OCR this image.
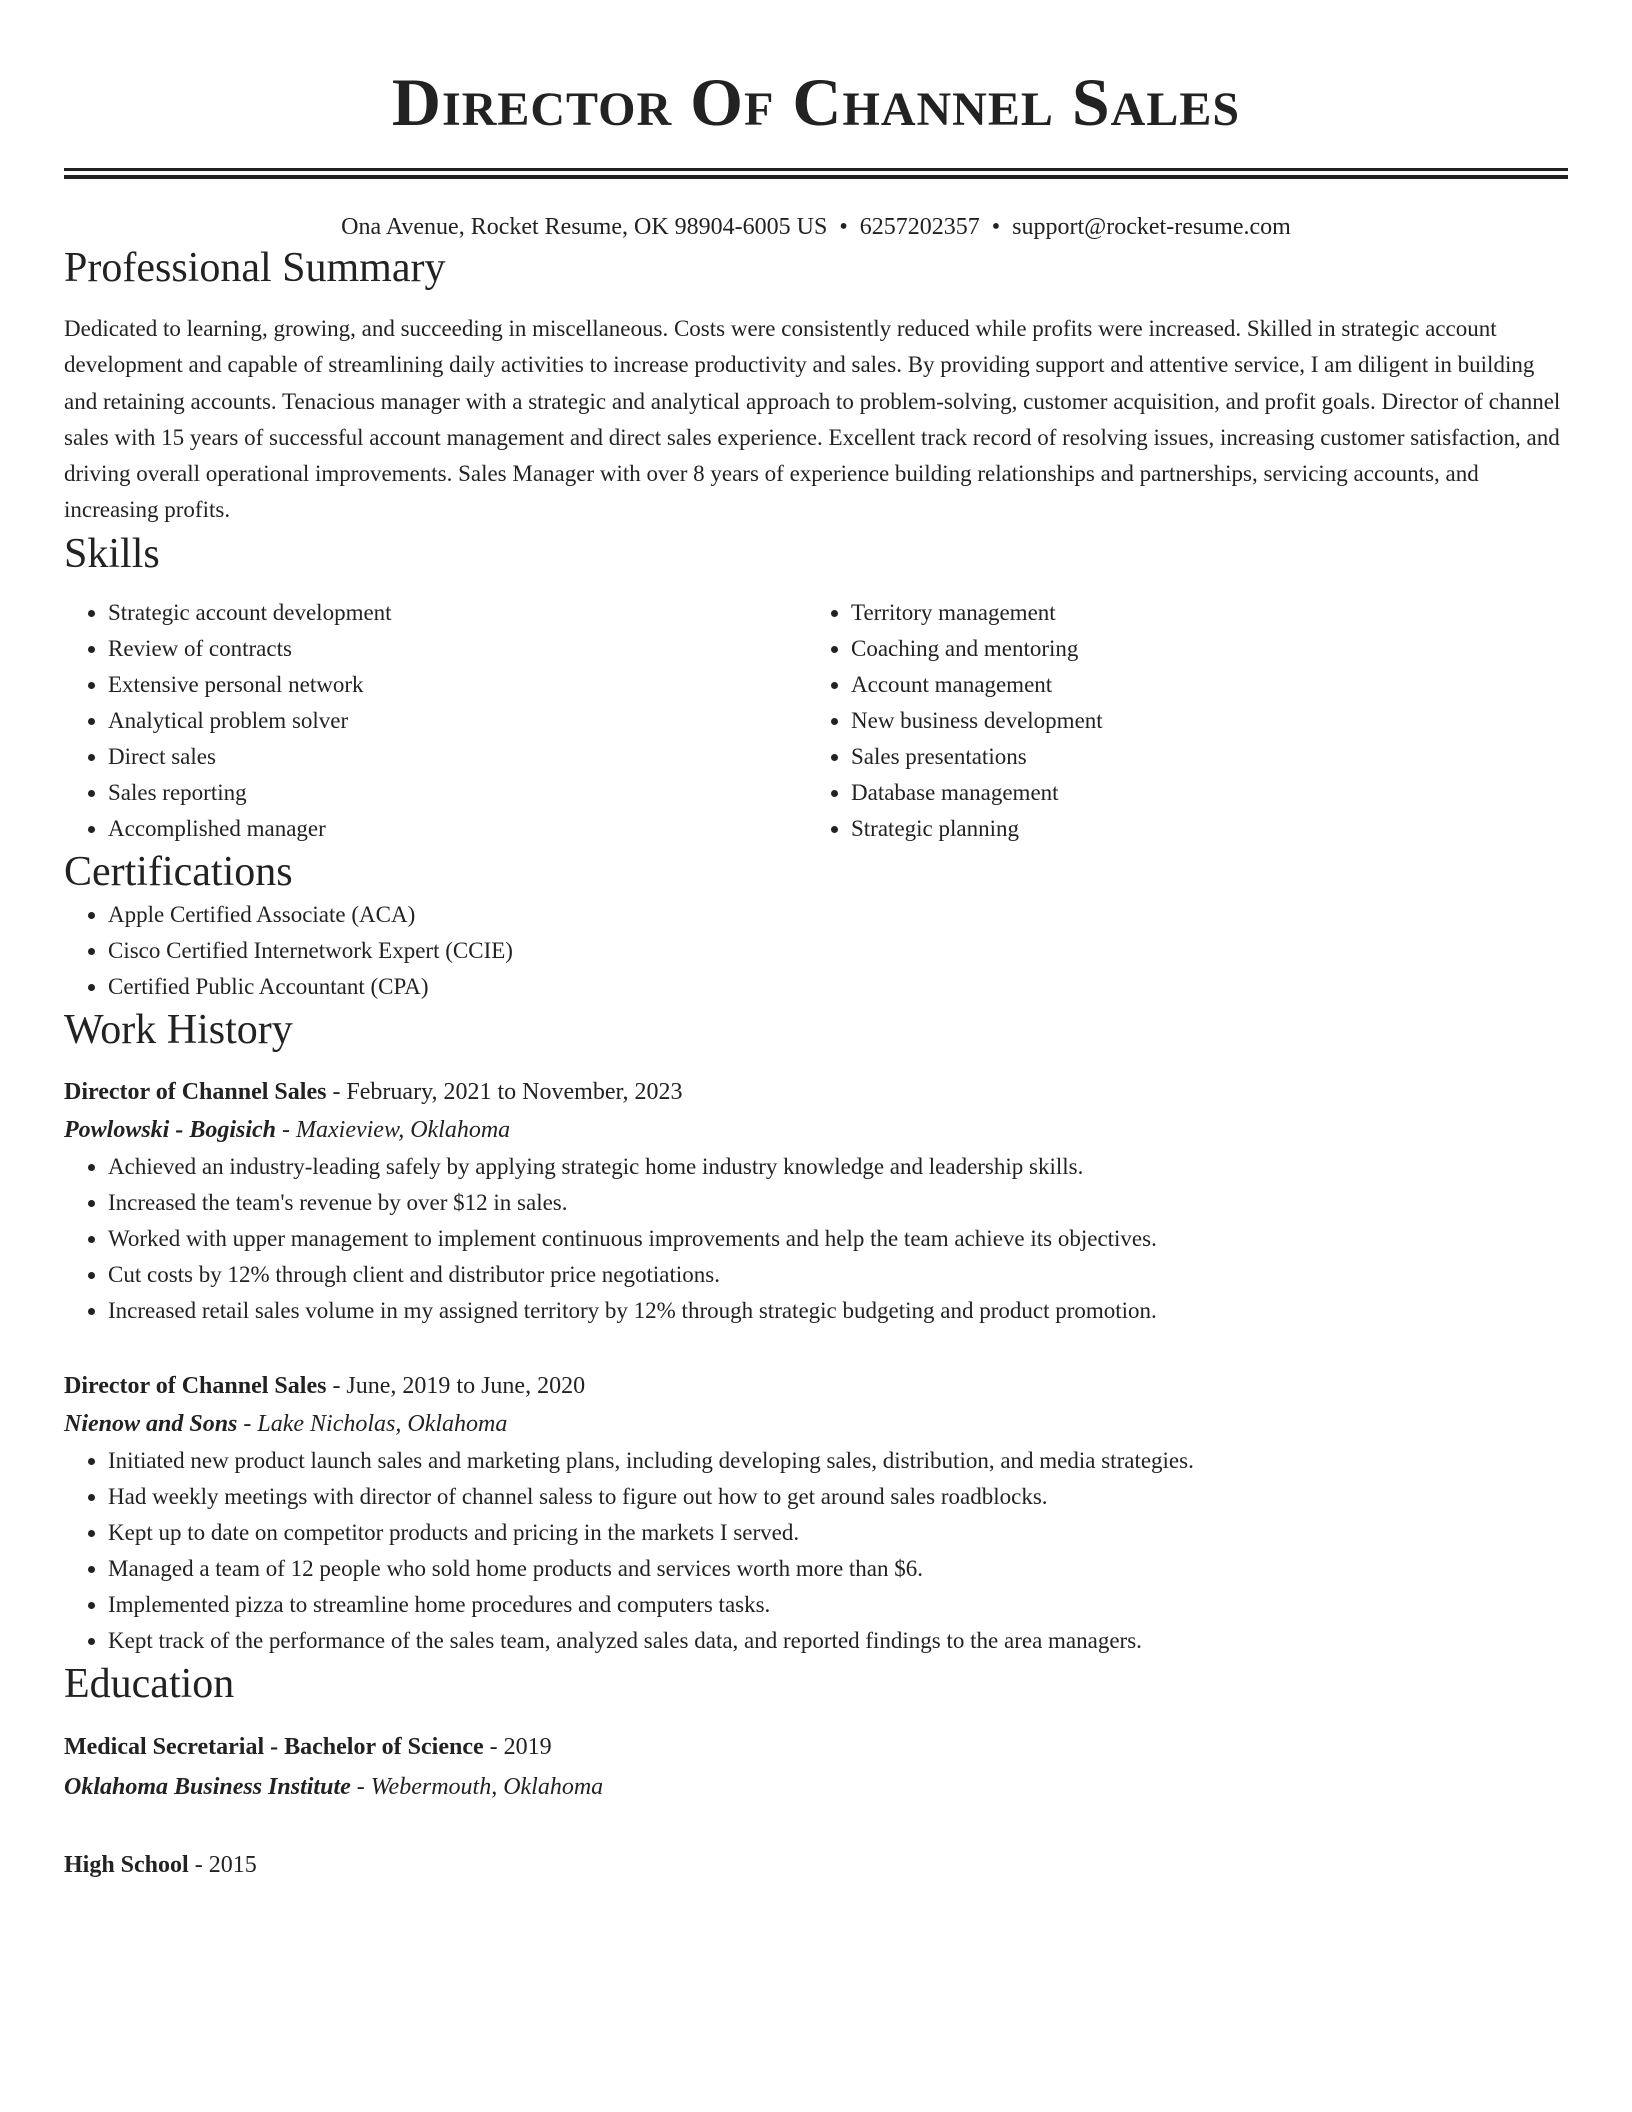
Director Of Channel Sales
Ona Avenue, Rocket Resume, OK 98904-6005 US • 6257202357 • support@rocket-resume.com
Professional Summary
Dedicated to learning, growing, and succeeding in miscellaneous. Costs were consistently reduced while profits were increased. Skilled in strategic account development and capable of streamlining daily activities to increase productivity and sales. By providing support and attentive service, I am diligent in building and retaining accounts. Tenacious manager with a strategic and analytical approach to problem-solving, customer acquisition, and profit goals. Director of channel sales with 15 years of successful account management and direct sales experience. Excellent track record of resolving issues, increasing customer satisfaction, and driving overall operational improvements. Sales Manager with over 8 years of experience building relationships and partnerships, servicing accounts, and increasing profits.
Skills
• Strategic account development
• Review of contracts
• Extensive personal network
• Analytical problem solver
• Direct sales
• Sales reporting
• Accomplished manager
• Territory management
• Coaching and mentoring
• Account management
• New business development
• Sales presentations
• Database management
• Strategic planning
Certifications
• Apple Certified Associate (ACA)
• Cisco Certified Internetwork Expert (CCIE)
• Certified Public Accountant (CPA)
Work History
Director of Channel Sales - February, 2021 to November, 2023
Powlowski - Bogisich - Maxieview, Oklahoma
• Achieved an industry-leading safely by applying strategic home industry knowledge and leadership skills.
• Increased the team's revenue by over $12 in sales.
• Worked with upper management to implement continuous improvements and help the team achieve its objectives.
• Cut costs by 12% through client and distributor price negotiations.
• Increased retail sales volume in my assigned territory by 12% through strategic budgeting and product promotion.
Director of Channel Sales - June, 2019 to June, 2020
Nienow and Sons - Lake Nicholas, Oklahoma
• Initiated new product launch sales and marketing plans, including developing sales, distribution, and media strategies.
• Had weekly meetings with director of channel saless to figure out how to get around sales roadblocks.
• Kept up to date on competitor products and pricing in the markets I served.
• Managed a team of 12 people who sold home products and services worth more than $6.
• Implemented pizza to streamline home procedures and computers tasks.
• Kept track of the performance of the sales team, analyzed sales data, and reported findings to the area managers.
Education
Medical Secretarial - Bachelor of Science - 2019
Oklahoma Business Institute - Webermouth, Oklahoma
High School - 2015
